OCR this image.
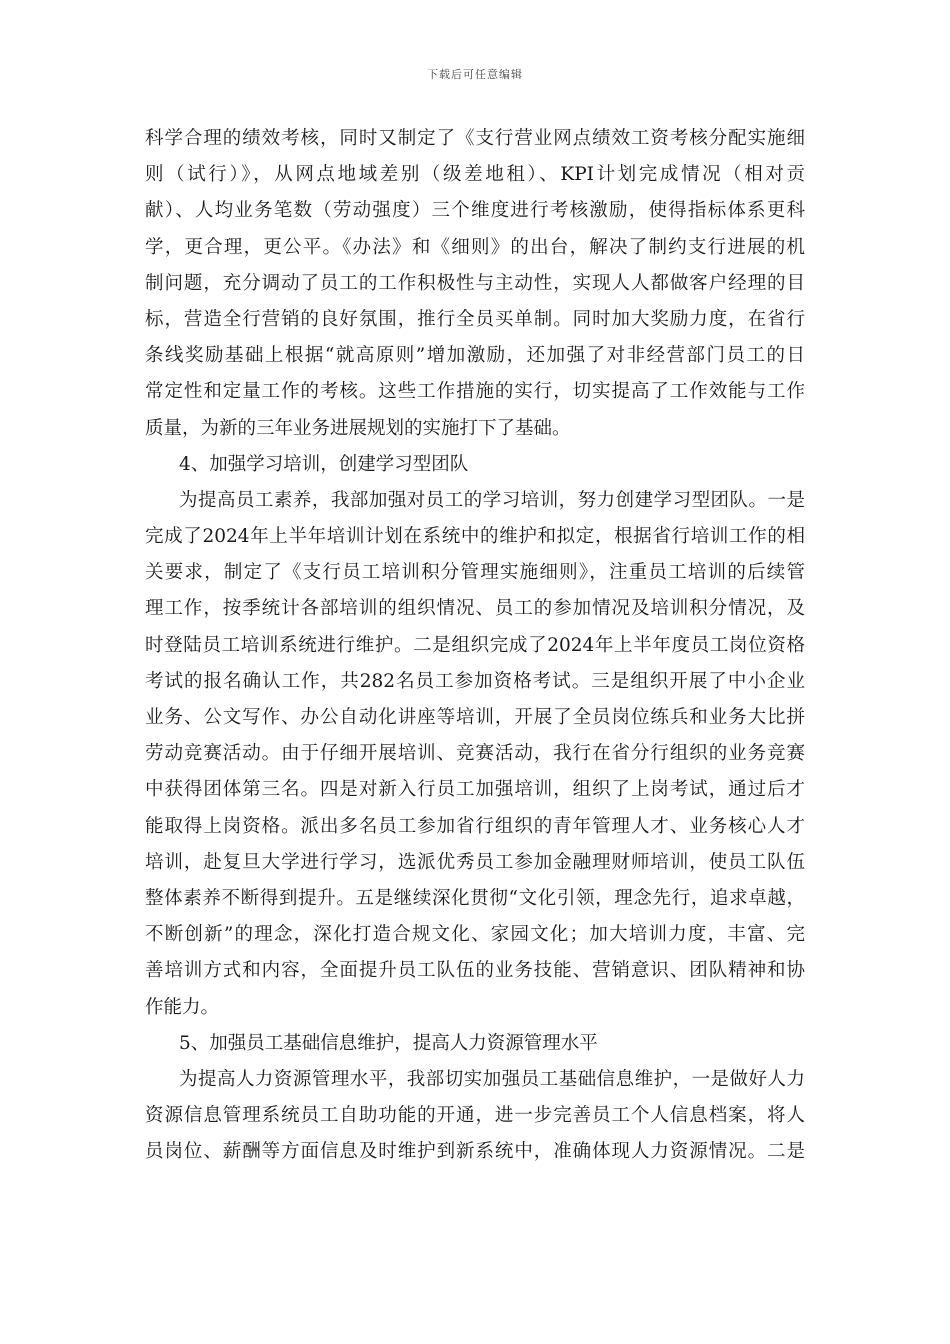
下载后可任意编辑
科学合理的绩效考核，同时又制定了《支行营业网点绩效工资考核分配实施细
则（试行）》，从网点地域差别（级差地租）、KPI计划完成情况（相对贡
献）、人均业务笔数（劳动强度）三个维度进行考核激励，使得指标体系更科
学，更合理，更公平。《办法》和《细则》的出台，解决了制约支行进展的机
制问题，充分调动了员工的工作积极性与主动性，实现人人都做客户经理的目
标，营造全行营销的良好氛围，推行全员买单制。同时加大奖励力度，在省行
条线奖励基础上根据“就高原则”增加激励，还加强了对非经营部门员工的日
常定性和定量工作的考核。这些工作措施的实行，切实提高了工作效能与工作
质量，为新的三年业务进展规划的实施打下了基础。
4、加强学习培训，创建学习型团队
为提高员工素养，我部加强对员工的学习培训，努力创建学习型团队。一是
完成了2024年上半年培训计划在系统中的维护和拟定，根据省行培训工作的相
关要求，制定了《支行员工培训积分管理实施细则》，注重员工培训的后续管
理工作，按季统计各部培训的组织情况、员工的参加情况及培训积分情况，及
时登陆员工培训系统进行维护。二是组织完成了2024年上半年度员工岗位资格
考试的报名确认工作，共282名员工参加资格考试。三是组织开展了中小企业
业务、公文写作、办公自动化讲座等培训，开展了全员岗位练兵和业务大比拼
劳动竞赛活动。由于仔细开展培训、竞赛活动，我行在省分行组织的业务竞赛
中获得团体第三名。四是对新入行员工加强培训，组织了上岗考试，通过后才
能取得上岗资格。派出多名员工参加省行组织的青年管理人才、业务核心人才
培训，赴复旦大学进行学习，选派优秀员工参加金融理财师培训，使员工队伍
整体素养不断得到提升。五是继续深化贯彻“文化引领，理念先行，追求卓越，
不断创新”的理念，深化打造合规文化、家园文化；加大培训力度，丰富、完
善培训方式和内容，全面提升员工队伍的业务技能、营销意识、团队精神和协
作能力。
5、加强员工基础信息维护，提高人力资源管理水平
为提高人力资源管理水平，我部切实加强员工基础信息维护，一是做好人力
资源信息管理系统员工自助功能的开通，进一步完善员工个人信息档案，将人
员岗位、薪酬等方面信息及时维护到新系统中，准确体现人力资源情况。二是
